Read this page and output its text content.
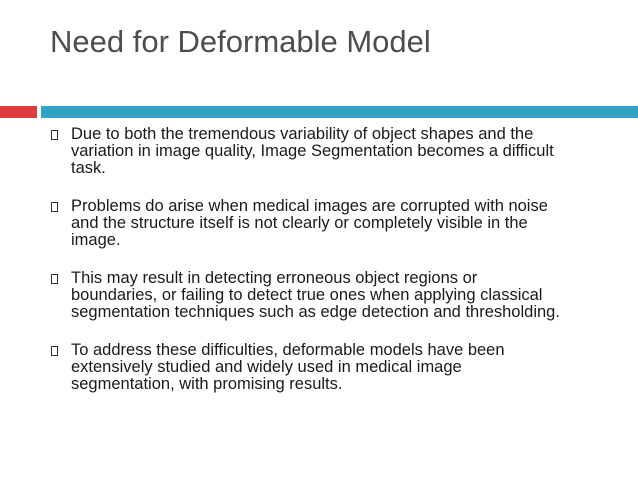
Need for Deformable Model
Due to both the tremendous variability of object shapes and the
variation in image quality, Image Segmentation becomes a difficult
task.
Problems do arise when medical images are corrupted with noise
and the structure itself is not clearly or completely visible in the
image.
This may result in detecting erroneous object regions or
boundaries, or failing to detect true ones when applying classical
segmentation techniques such as edge detection and thresholding.
To address these difficulties, deformable models have been
extensively studied and widely used in medical image
segmentation, with promising results.
